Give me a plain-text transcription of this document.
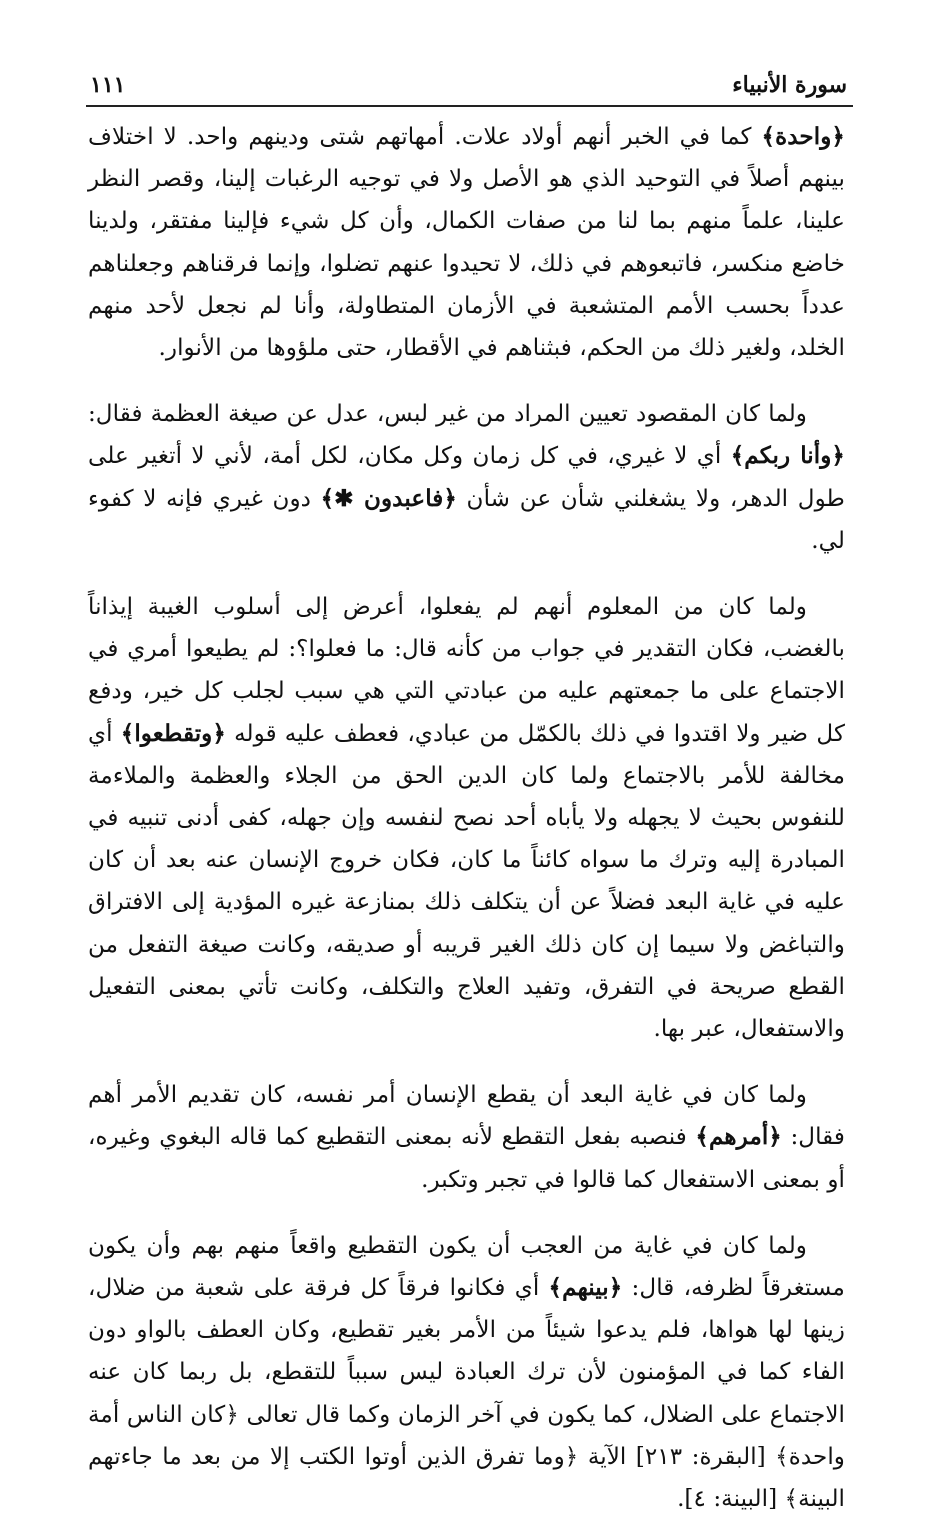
سورة الأنبياء
١١١

﴿واحدة﴾ كما في الخبر أنهم أولاد علات. أمهاتهم شتى ودينهم واحد. لا اختلاف بينهم أصلاً في التوحيد الذي هو الأصل ولا في توجيه الرغبات إلينا، وقصر النظر علينا، علماً منهم بما لنا من صفات الكمال، وأن كل شيء فإلينا مفتقر، ولدينا خاضع منكسر، فاتبعوهم في ذلك، لا تحيدوا عنهم تضلوا، وإنما فرقناهم وجعلناهم عدداً بحسب الأمم المتشعبة في الأزمان المتطاولة، وأنا لم نجعل لأحد منهم الخلد، ولغير ذلك من الحكم، فبثناهم في الأقطار، حتى ملؤوها من الأنوار.

ولما كان المقصود تعيين المراد من غير لبس، عدل عن صيغة العظمة فقال: ﴿وأنا ربكم﴾ أي لا غيري، في كل زمان وكل مكان، لكل أمة، لأني لا أتغير على طول الدهر، ولا يشغلني شأن عن شأن ﴿فاعبدون ✱﴾ دون غيري فإنه لا كفوء لي.

ولما كان من المعلوم أنهم لم يفعلوا، أعرض إلى أسلوب الغيبة إيذاناً بالغضب، فكان التقدير في جواب من كأنه قال: ما فعلوا؟: لم يطيعوا أمري في الاجتماع على ما جمعتهم عليه من عبادتي التي هي سبب لجلب كل خير، ودفع كل ضير ولا اقتدوا في ذلك بالكمّل من عبادي، فعطف عليه قوله ﴿وتقطعوا﴾ أي مخالفة للأمر بالاجتماع ولما كان الدين الحق من الجلاء والعظمة والملاءمة للنفوس بحيث لا يجهله ولا يأباه أحد نصح لنفسه وإن جهله، كفى أدنى تنبيه في المبادرة إليه وترك ما سواه كائناً ما كان، فكان خروج الإنسان عنه بعد أن كان عليه في غاية البعد فضلاً عن أن يتكلف ذلك بمنازعة غيره المؤدية إلى الافتراق والتباغض ولا سيما إن كان ذلك الغير قريبه أو صديقه، وكانت صيغة التفعل من القطع صريحة في التفرق، وتفيد العلاج والتكلف، وكانت تأتي بمعنى التفعيل والاستفعال، عبر بها.

ولما كان في غاية البعد أن يقطع الإنسان أمر نفسه، كان تقديم الأمر أهم فقال: ﴿أمرهم﴾ فنصبه بفعل التقطع لأنه بمعنى التقطيع كما قاله البغوي وغيره، أو بمعنى الاستفعال كما قالوا في تجبر وتكبر.

ولما كان في غاية من العجب أن يكون التقطيع واقعاً منهم بهم وأن يكون مستغرقاً لظرفه، قال: ﴿بينهم﴾ أي فكانوا فرقاً كل فرقة على شعبة من ضلال، زينها لها هواها، فلم يدعوا شيئاً من الأمر بغير تقطيع، وكان العطف بالواو دون الفاء كما في المؤمنون لأن ترك العبادة ليس سبباً للتقطع، بل ربما كان عنه الاجتماع على الضلال، كما يكون في آخر الزمان وكما قال تعالى ﴿كان الناس أمة واحدة﴾ [البقرة: ٢١٣] الآية ﴿وما تفرق الذين أوتوا الكتب إلا من بعد ما جاءتهم البينة﴾ [البينة: ٤].
